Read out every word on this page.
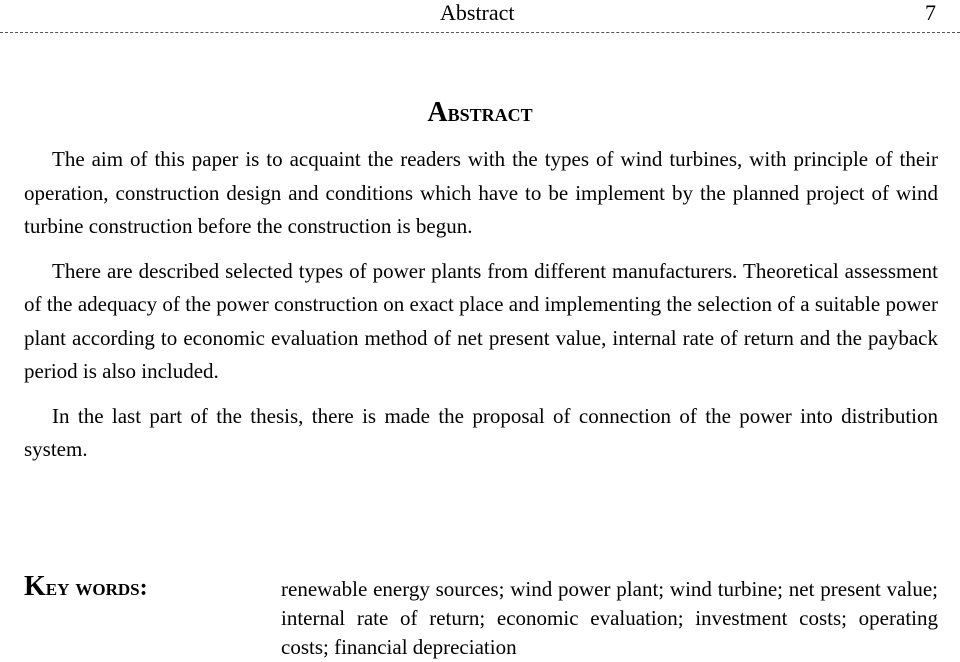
Abstract	7
Abstract

The aim of this paper is to acquaint the readers with the types of wind turbines, with principle of their operation, construction design and conditions which have to be implement by the planned project of wind turbine construction before the construction is begun.

There are described selected types of power plants from different manufacturers. Theoretical assessment of the adequacy of the power construction on exact place and implementing the selection of a suitable power plant according to economic evaluation method of net present value, internal rate of return and the payback period is also included.

In the last part of the thesis, there is made the proposal of connection of the power into distribution system.

Key words:	renewable energy sources; wind power plant; wind turbine; net present value; internal rate of return; economic evaluation; investment costs; operating costs; financial depreciation
